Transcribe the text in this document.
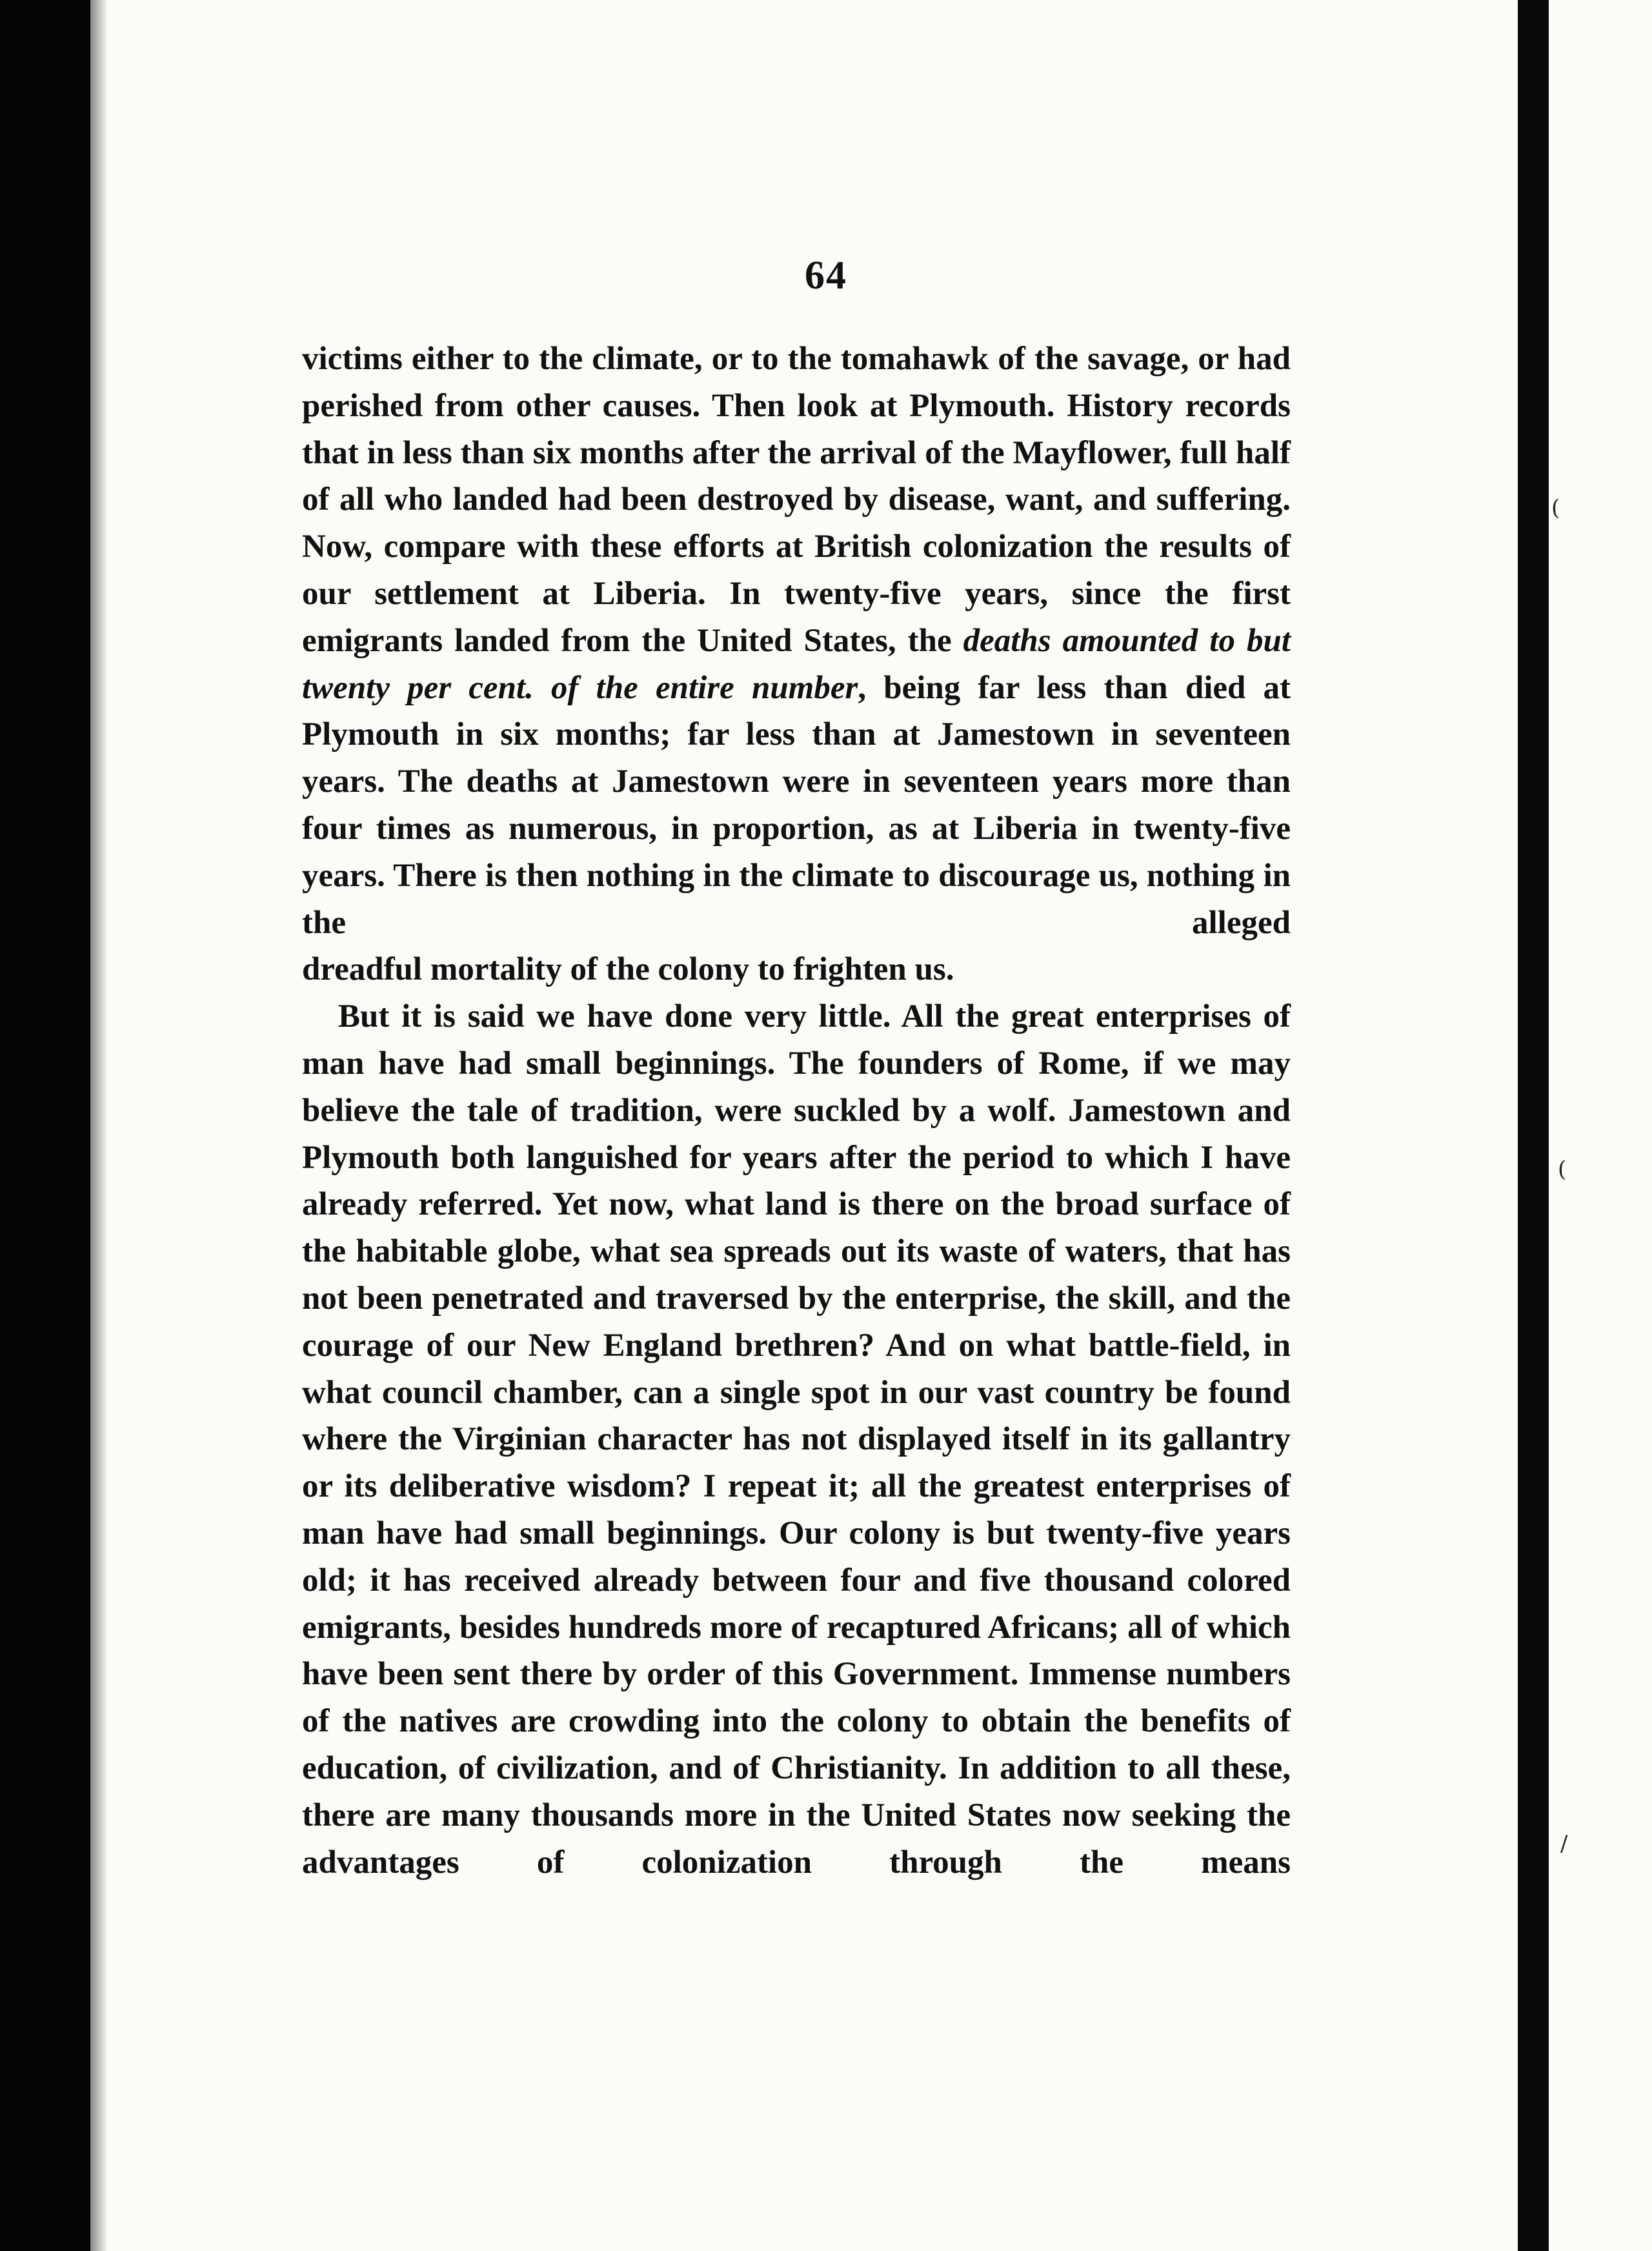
(
(
/
64

victims either to the climate, or to the tomahawk of the savage, or had perished from other causes. Then look at Plymouth. History records that in less than six months after the arrival of the Mayflower, full half of all who landed had been destroyed by disease, want, and suffering. Now, compare with these efforts at British colonization the results of our settlement at Liberia. In twenty-five years, since the first emigrants landed from the United States, the deaths amounted to but twenty per cent. of the entire number, being far less than died at Plymouth in six months; far less than at Jamestown in seventeen years. The deaths at Jamestown were in seventeen years more than four times as numerous, in proportion, as at Liberia in twenty-five years. There is then nothing in the climate to discourage us, nothing in the alleged
dreadful mortality of the colony to frighten us.

But it is said we have done very little. All the great enterprises of man have had small beginnings. The founders of Rome, if we may believe the tale of tradition, were suckled by a wolf. Jamestown and Plymouth both languished for years after the period to which I have already referred. Yet now, what land is there on the broad surface of the habitable globe, what sea spreads out its waste of waters, that has not been penetrated and traversed by the enterprise, the skill, and the courage of our New England brethren? And on what battle-field, in what council chamber, can a single spot in our vast country be found where the Virginian character has not displayed itself in its gallantry or its deliberative wisdom? I repeat it; all the greatest enterprises of man have had small beginnings. Our colony is but twenty-five years old; it has received already between four and five thousand colored emigrants, besides hundreds more of recaptured Africans; all of which have been sent there by order of this Government. Immense numbers of the natives are crowding into the colony to obtain the benefits of education, of civilization, and of Christianity. In addition to all these, there are many thousands more in the United States now seeking the advantages of colonization through the means
